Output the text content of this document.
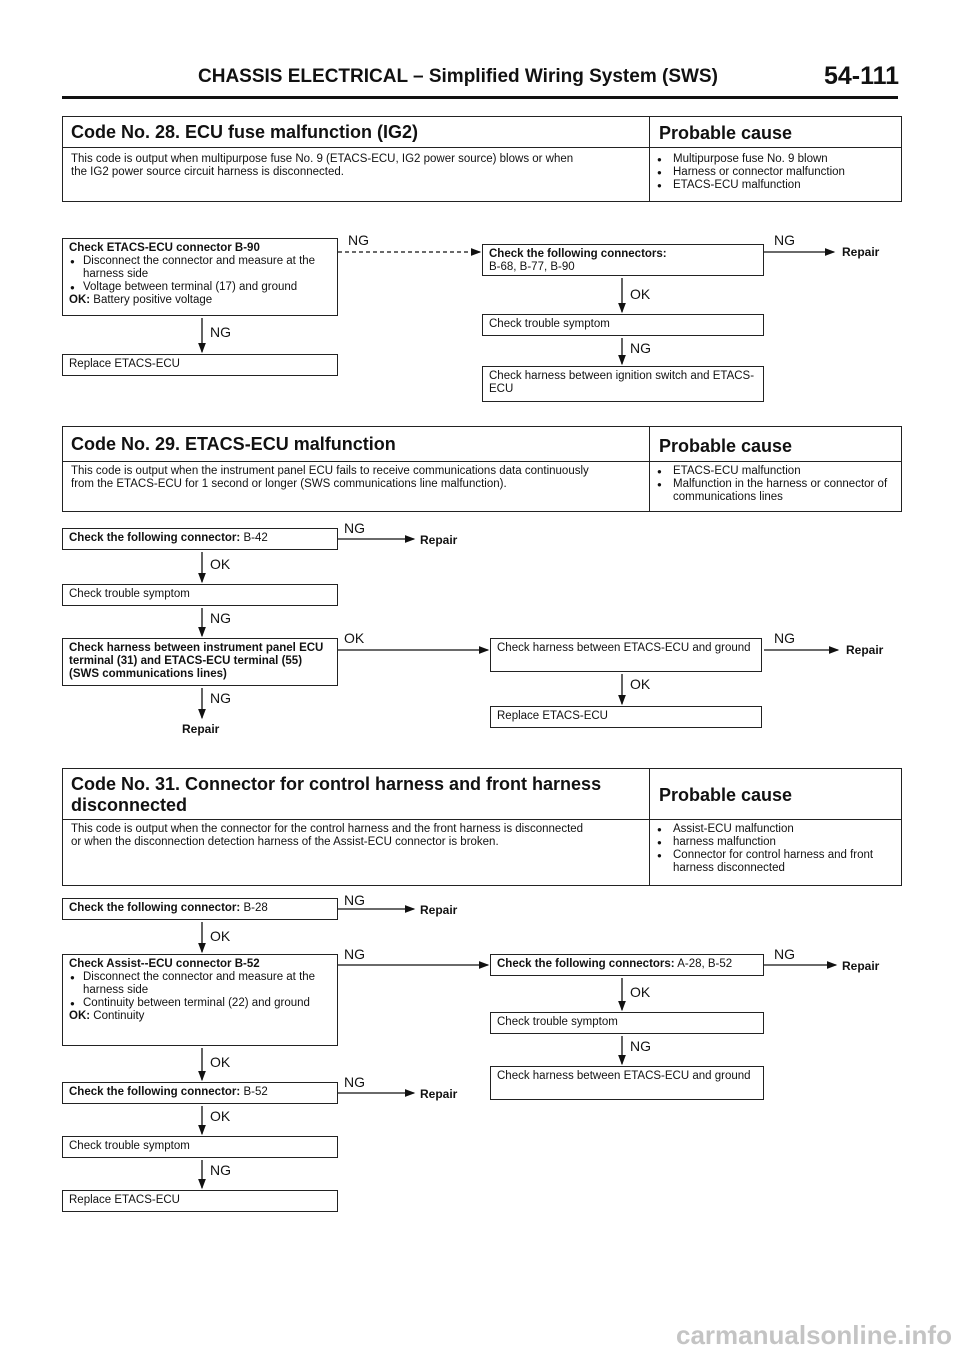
CHASSIS ELECTRICAL – Simplified Wiring System (SWS)	54-111
Code No. 28. ECU fuse malfunction (IG2)	Probable cause
This code is output when multipurpose fuse No. 9 (ETACS-ECU, IG2 power source) blows or when
the IG2 power source circuit harness is disconnected.
● Multipurpose fuse No. 9 blown
● Harness or connector malfunction
● ETACS-ECU malfunction
Check ETACS-ECU connector B-90
● Disconnect the connector and measure at the harness side
● Voltage between terminal (17) and ground
OK: Battery positive voltage
Replace ETACS-ECU
Check the following connectors:
B-68, B-77, B-90
Check trouble symptom
Check harness between ignition switch and ETACS-ECU
Code No. 29. ETACS-ECU malfunction	Probable cause
This code is output when the instrument panel ECU fails to receive communications data continuously
from the ETACS-ECU for 1 second or longer (SWS communications line malfunction).
● ETACS-ECU malfunction
● Malfunction in the harness or connector of communications lines
Check the following connector: B-42
Check trouble symptom
Check harness between instrument panel ECU terminal (31) and ETACS-ECU terminal (55) (SWS communications lines)
Check harness between ETACS-ECU and ground
Replace ETACS-ECU
Code No. 31. Connector for control harness and front harness
disconnected	Probable cause
This code is output when the connector for the control harness and the front harness is disconnected
or when the disconnection detection harness of the Assist-ECU connector is broken.
● Assist-ECU malfunction
● harness malfunction
● Connector for control harness and front harness disconnected
Check the following connector: B-28
Check Assist--ECU connector B-52
● Disconnect the connector and measure at the harness side
● Continuity between terminal (22) and ground
OK: Continuity
Check the following connector: B-52
Check trouble symptom
Replace ETACS-ECU
Check the following connectors: A-28, B-52
Check trouble symptom
Check harness between ETACS-ECU and ground
NG
NG
NG
Repair
OK
NG
NG
Repair
OK
NG
OK	NG
Repair
OK
NG
Repair
NG
Repair
OK
NG	NG
Repair
OK
NG
OK
NG
Repair
OK
NG
carmanualsonline.info
